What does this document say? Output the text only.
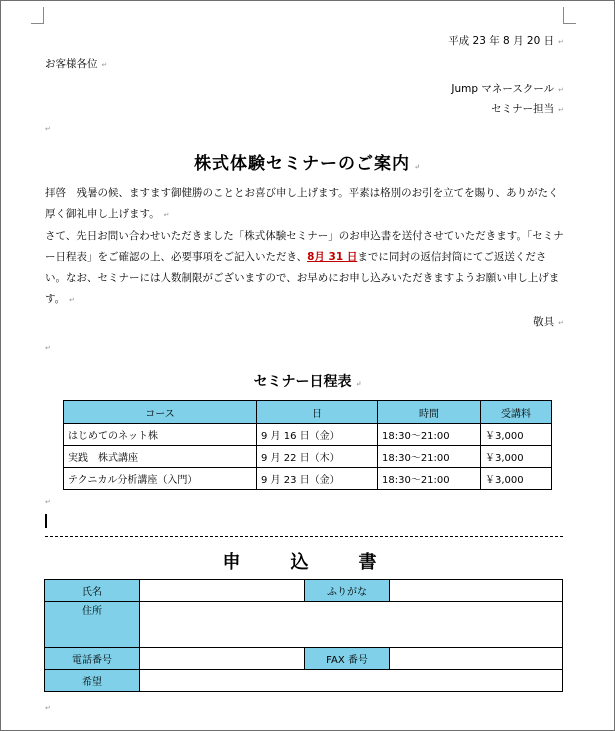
平成 23 年 8 月 20 日 ↵
お客様各位 ↵
Jump マネースクール ↵
セミナー担当 ↵
↵
株式体験セミナーのご案内 ↵

拝啓　残暑の候、ますます御健勝のこととお喜び申し上げます。平素は格別のお引を立てを賜り、ありがたく厚く御礼申し上げます。 ↵

さて、先日お問い合わせいただきました「株式体験セミナー」のお申込書を送付させていただきます。「セミナー日程表」をご確認の上、必要事項をご記入いただき、8月 31 日までに同封の返信封筒にてご返送ください。なお、セミナーには人数制限がございますので、お早めにお申し込みいただきますようお願い申し上げます。 ↵

敬具 ↵
↵
セミナー日程表 ↵
コース	日	時間	受講料
はじめてのネット株	9 月 16 日（金）	18:30～21:00	￥3,000
実践　株式講座	9 月 22 日（木）	18:30～21:00	￥3,000
テクニカル分析講座（入門）	9 月 23 日（金）	18:30～21:00	￥3,000
↵
申　込　書
氏名		ふりがな	
住所			
電話番号		FAX 番号	
希望			
↵
